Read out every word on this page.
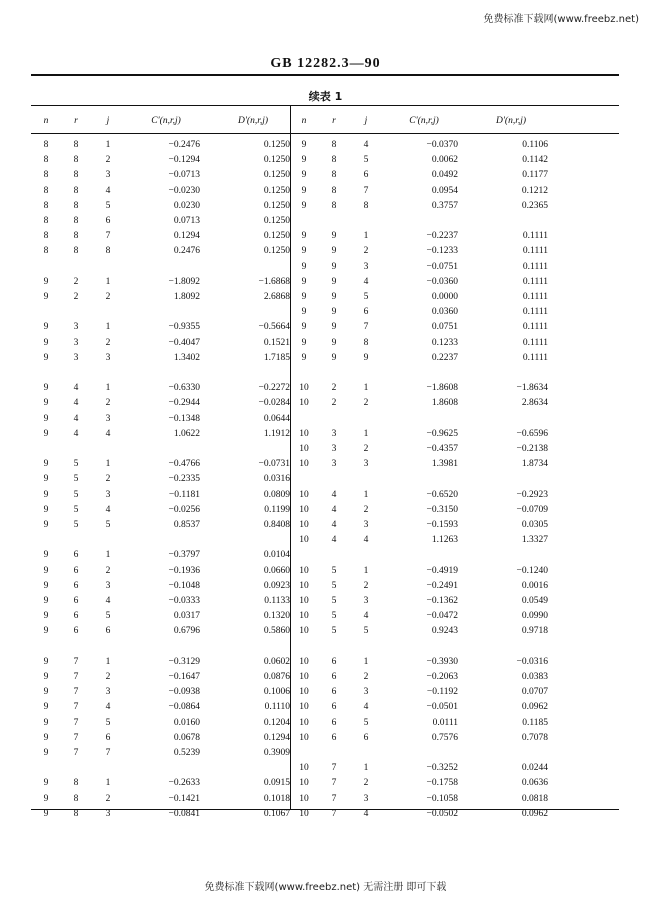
免费标准下载网(www.freebz.net)
GB 12282.3—90
续表 1
n	r	j	C′(n,r,j)	D′(n,r,j)	n	r	j	C′(n,r,j)	D′(n,r,j)
8	8	1	−0.2476	0.1250
8	8	2	−0.1294	0.1250
8	8	3	−0.0713	0.1250
8	8	4	−0.0230	0.1250
8	8	5	0.0230	0.1250
8	8	6	0.0713	0.1250
8	8	7	0.1294	0.1250
8	8	8	0.2476	0.1250
9	2	1	−1.8092	−1.6868
9	2	2	1.8092	2.6868
9	3	1	−0.9355	−0.5664
9	3	2	−0.4047	0.1521
9	3	3	1.3402	1.7185
9	4	1	−0.6330	−0.2272
9	4	2	−0.2944	−0.0284
9	4	3	−0.1348	0.0644
9	4	4	1.0622	1.1912
9	5	1	−0.4766	−0.0731
9	5	2	−0.2335	0.0316
9	5	3	−0.1181	0.0809
9	5	4	−0.0256	0.1199
9	5	5	0.8537	0.8408
9	6	1	−0.3797	0.0104
9	6	2	−0.1936	0.0660
9	6	3	−0.1048	0.0923
9	6	4	−0.0333	0.1133
9	6	5	0.0317	0.1320
9	6	6	0.6796	0.5860
9	7	1	−0.3129	0.0602
9	7	2	−0.1647	0.0876
9	7	3	−0.0938	0.1006
9	7	4	−0.0864	0.1110
9	7	5	0.0160	0.1204
9	7	6	0.0678	0.1294
9	7	7	0.5239	0.3909
9	8	1	−0.2633	0.0915
9	8	2	−0.1421	0.1018
9	8	3	−0.0841	0.1067
9	8	4	−0.0370	0.1106
9	8	5	0.0062	0.1142
9	8	6	0.0492	0.1177
9	8	7	0.0954	0.1212
9	8	8	0.3757	0.2365
9	9	1	−0.2237	0.1111
9	9	2	−0.1233	0.1111
9	9	3	−0.0751	0.1111
9	9	4	−0.0360	0.1111
9	9	5	0.0000	0.1111
9	9	6	0.0360	0.1111
9	9	7	0.0751	0.1111
9	9	8	0.1233	0.1111
9	9	9	0.2237	0.1111
10	2	1	−1.8608	−1.8634
10	2	2	1.8608	2.8634
10	3	1	−0.9625	−0.6596
10	3	2	−0.4357	−0.2138
10	3	3	1.3981	1.8734
10	4	1	−0.6520	−0.2923
10	4	2	−0.3150	−0.0709
10	4	3	−0.1593	0.0305
10	4	4	1.1263	1.3327
10	5	1	−0.4919	−0.1240
10	5	2	−0.2491	0.0016
10	5	3	−0.1362	0.0549
10	5	4	−0.0472	0.0990
10	5	5	0.9243	0.9718
10	6	1	−0.3930	−0.0316
10	6	2	−0.2063	0.0383
10	6	3	−0.1192	0.0707
10	6	4	−0.0501	0.0962
10	6	5	0.0111	0.1185
10	6	6	0.7576	0.7078
10	7	1	−0.3252	0.0244
10	7	2	−0.1758	0.0636
10	7	3	−0.1058	0.0818
10	7	4	−0.0502	0.0962
免费标准下载网(www.freebz.net) 无需注册 即可下载
